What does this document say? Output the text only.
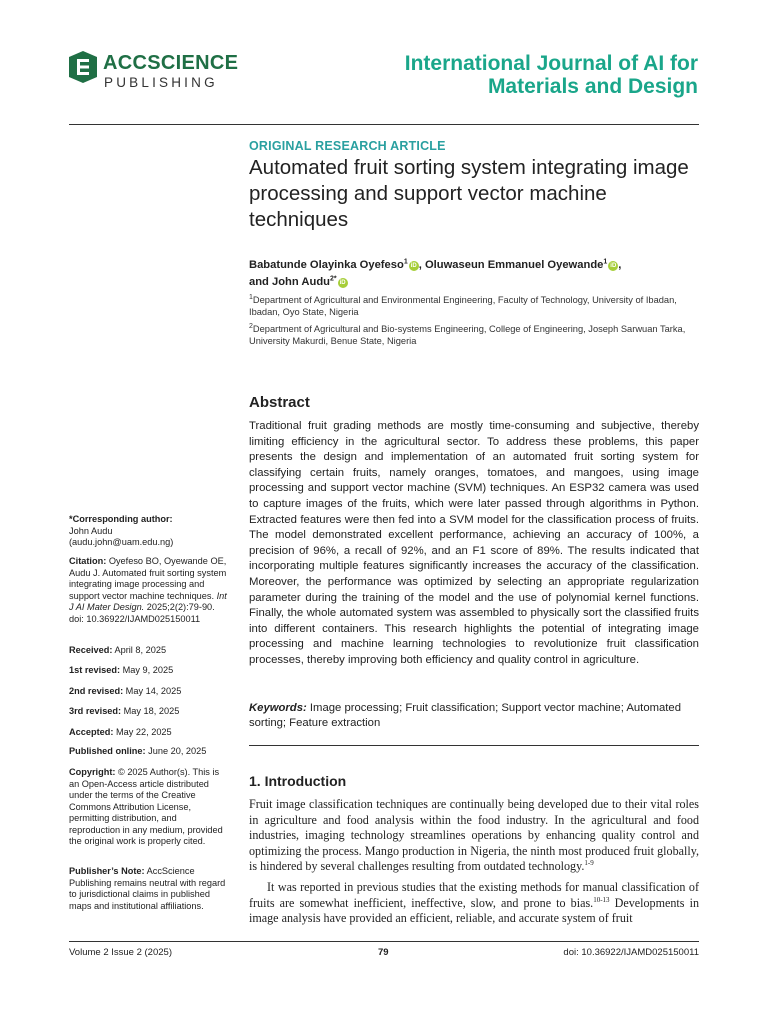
ACCSCIENCE
PUBLISHING
International Journal of AI for
Materials and Design
ORIGINAL RESEARCH ARTICLE
Automated fruit sorting system integrating image processing and support vector machine techniques
Babatunde Olayinka Oyefeso$^1$iD , Oluwaseun Emmanuel Oyewande$^1$iD ,
and John Audu$^{2*}$iD
$^1$Department of Agricultural and Environmental Engineering, Faculty of Technology, University of Ibadan, Ibadan, Oyo State, Nigeria
$^2$Department of Agricultural and Bio-systems Engineering, College of Engineering, Joseph Sarwuan Tarka, University Makurdi, Benue State, Nigeria
Abstract
Traditional fruit grading methods are mostly time-consuming and subjective, thereby limiting efficiency in the agricultural sector. To address these problems, this paper presents the design and implementation of an automated fruit sorting system for classifying certain fruits, namely oranges, tomatoes, and mangoes, using image processing and support vector machine (SVM) techniques. An ESP32 camera was used to capture images of the fruits, which were later passed through algorithms in Python. Extracted features were then fed into a SVM model for the classification process of fruits. The model demonstrated excellent performance, achieving an accuracy of 100%, a precision of 96%, a recall of 92%, and an F1 score of 89%. The results indicated that incorporating multiple features significantly increases the accuracy of the classification. Moreover, the performance was optimized by selecting an appropriate regularization parameter during the training of the model and the use of polynomial kernel functions. Finally, the whole automated system was assembled to physically sort the classified fruits into different containers. This research highlights the potential of integrating image processing and machine learning technologies to revolutionize fruit classification processes, thereby improving both efficiency and quality control in agriculture.
Keywords: Image processing; Fruit classification; Support vector machine; Automated sorting; Feature extraction
1. Introduction
Fruit image classification techniques are continually being developed due to their vital roles in agriculture and food analysis within the food industry. In the agricultural and food industries, imaging technology streamlines operations by enhancing quality control and optimizing the process. Mango production in Nigeria, the ninth most produced fruit globally, is hindered by several challenges resulting from outdated technology.$^{1-9}$
It was reported in previous studies that the existing methods for manual classification of fruits are somewhat inefficient, ineffective, slow, and prone to bias.$^{10-13}$ Developments in image analysis have provided an efficient, reliable, and accurate system of fruit
*Corresponding author:
John Audu
(audu.john@uam.edu.ng)
Citation: Oyefeso BO, Oyewande OE, Audu J. Automated fruit sorting system integrating image processing and support vector machine techniques. Int J AI Mater Design. 2025;2(2):79-90. doi: 10.36922/IJAMD025150011
Received: April 8, 2025
1st revised: May 9, 2025
2nd revised: May 14, 2025
3rd revised: May 18, 2025
Accepted: May 22, 2025
Published online: June 20, 2025
Copyright: © 2025 Author(s). This is an Open-Access article distributed under the terms of the Creative Commons Attribution License, permitting distribution, and reproduction in any medium, provided the original work is properly cited.
Publisher’s Note: AccScience Publishing remains neutral with regard to jurisdictional claims in published maps and institutional affiliations.
Volume 2 Issue 2 (2025)	79	doi: 10.36922/IJAMD025150011
